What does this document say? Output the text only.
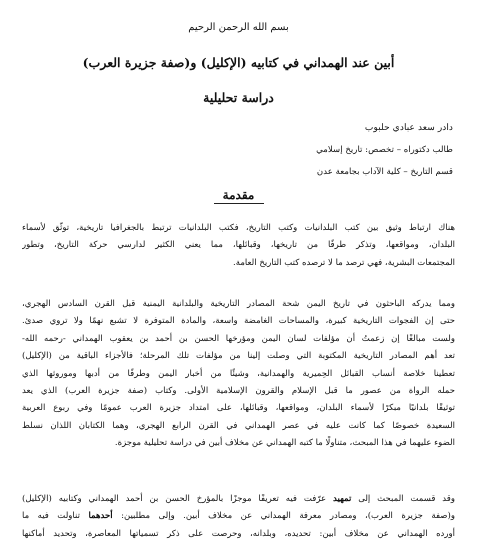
بسم الله الرحمن الرحيم
أبين عند الهمداني في كتابيه (الإكليل) و(صفة جزيرة العرب)
دراسة تحليلية
دادر سعد عبادي حلبوب
طالب دكتوراه – تخصص: تاريخ إسلامي
قسم التاريخ – كلية الآداب بجامعة عدن
مقدمة
هناك ارتباط وثيق بين كتب البلدانيات وكتب التاريخ، فكتب البلدانيات ترتبط بالجغرافيا تاريخية، توثّق لأسماء
البلدان، ومواقعها، وتذكر طرفًا من تاريخها، وقبائلها، مما يعني الكثير لدارسي حركة التاريخ، وتطور
المجتمعات البشرية، فهي ترصد ما لا ترصده كتب التاريخ العامة.
ومما يدركه الباحثون في تاريخ اليمن شحة المصادر التاريخية والبلدانية اليمنية قبل القرن السادس الهجري،
حتى إن الفجوات التاريخية كبيرة، والمساحات الغامضة واسعة، والمادة المتوفرة لا تشبع نهمًا ولا تروي صدئ.
ولست مبالغًا إن زعمتُ أن مؤلفات لسان اليمن ومؤرخها الحسن بن أحمد بن يعقوب الهمداني -رحمه الله-
تعد أهم المصادر التاريخية المكتوبة التي وصلت إلينا من مؤلفات تلك المرحلة؛ فالأجزاء الباقية من (الإكليل)
تعطينا خلاصة أنساب القبائل الحِميرية والهمدانية، وشيئًا من أخبار اليمن وطرفًا من أدبها وموروثها الذي
حمله الرواة من عصور ما قبل الإسلام والقرون الإسلامية الأولى. وكتاب (صفة جزيرة العرب) الذي يعد
توثيقًا بلدانيًا مبكرًا لأسماء البلدان، ومواقعها، وقبائلها، على امتداد جزيرة العرب عمومًا وفي ربوع العربية
السعيدة خصوصًا كما كانت عليه في عصر الهمداني في القرن الرابع الهجري، وهما الكتابان اللذان نسلط
الضوء عليهما في هذا المبحث، متناولًا ما كتبه الهمداني عن مخلاف أبين في دراسة تحليلية موجزة.
وقد قسمت المبحث إلى تمهيد عرّفت فيه تعريفًا موجزًا بالمؤرخ الحسن بن أحمد الهمداني وكتابيه (الإكليل)
و(صفة جزيرة العرب)، ومصادر معرفة الهمداني عن مخلاف أبين. وإلى مطلبين: أحدهما تناولت فيه ما
أورده الهمداني عن مخلاف أبين: تحديده، وبلدانه، وحرصت على ذكر تسمياتها المعاصرة، وتحديد أماكنها
